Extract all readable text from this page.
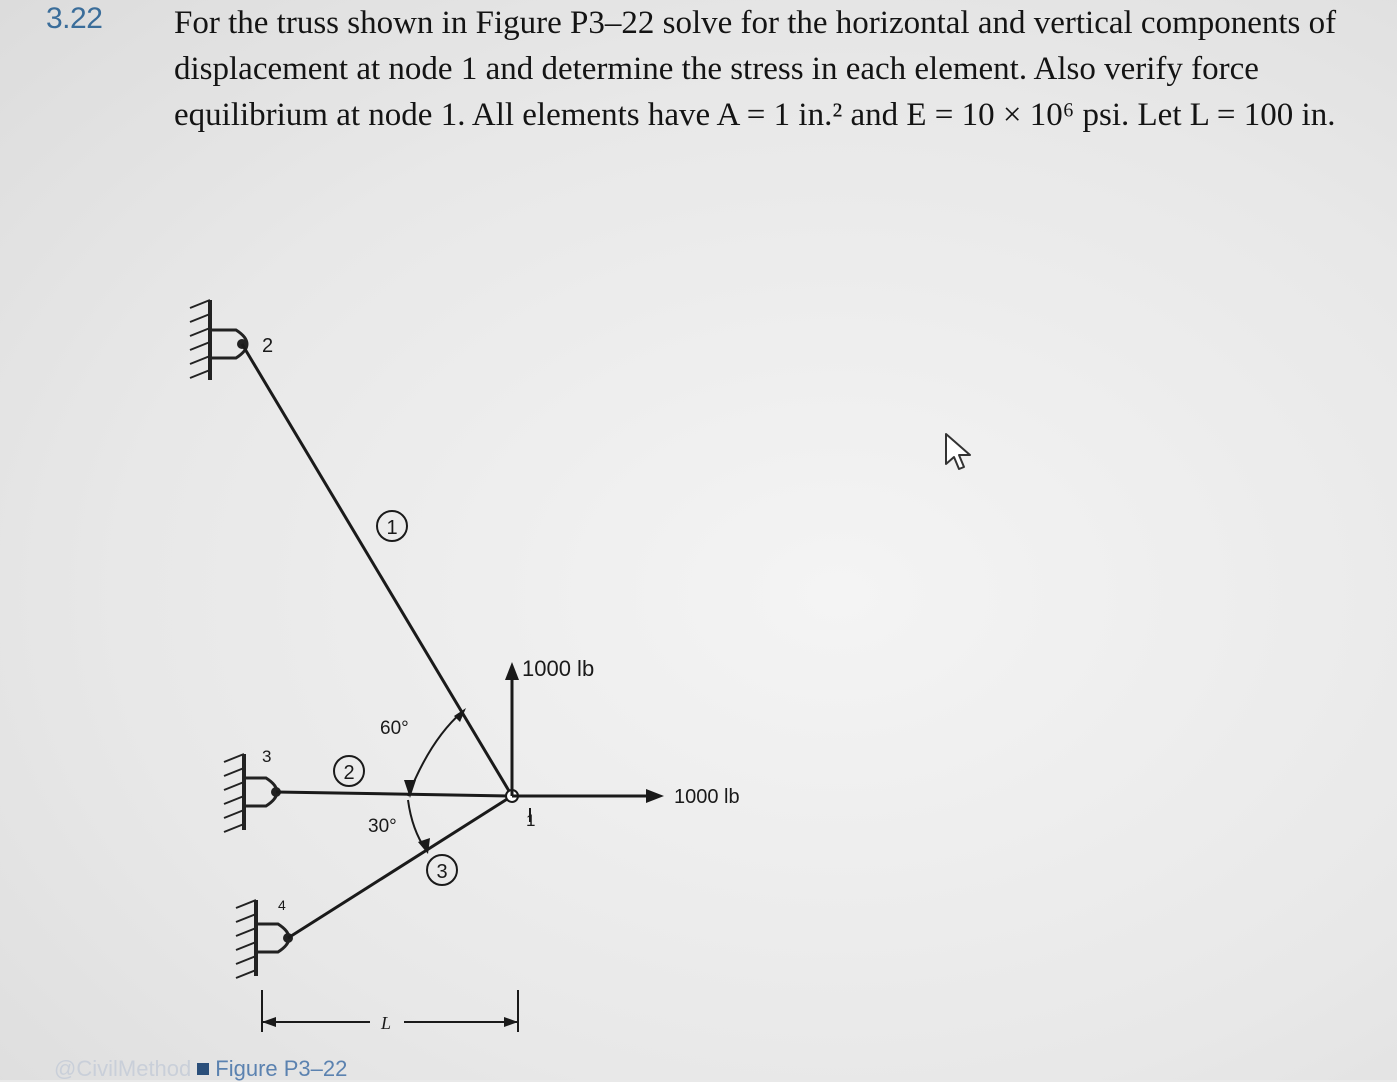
3.22 For the truss shown in Figure P3–22 solve for the horizontal and vertical components of displacement at node 1 and determine the stress in each element. Also verify force equilibrium at node 1. All elements have A = 1 in.² and E = 10 × 10⁶ psi. Let L = 100 in.

1
2
3
2
3
4
1
60°
30°
1000 lb
1000 lb
L
@CivilMethod Figure P3–22
